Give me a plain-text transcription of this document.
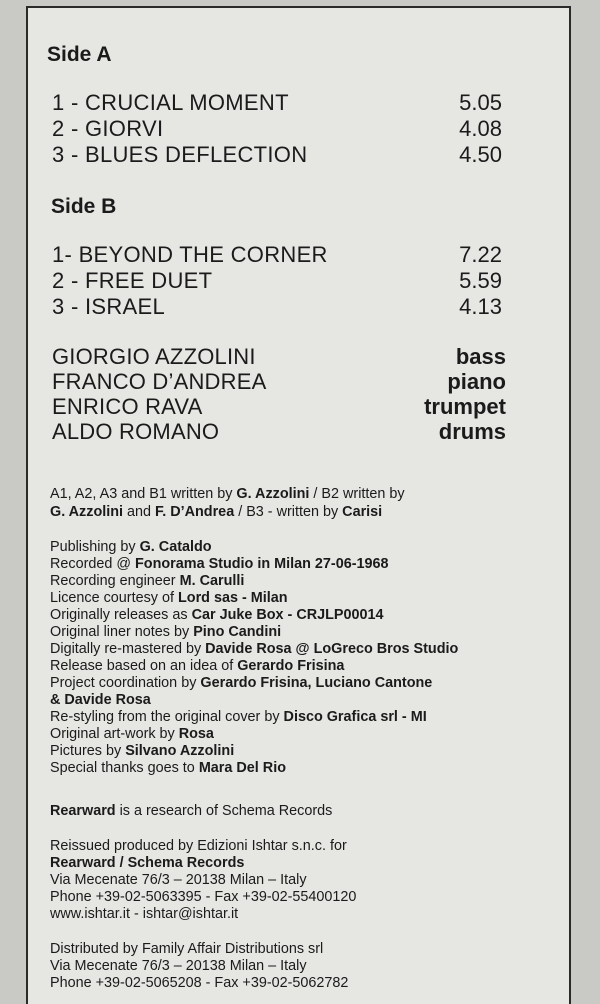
Side A
1 - CRUCIAL MOMENT	5.05
2 - GIORVI	4.08
3 - BLUES DEFLECTION	4.50
Side B
1- BEYOND THE CORNER	7.22
2 - FREE DUET	5.59
3 - ISRAEL	4.13
GIORGIO AZZOLINI	bass
FRANCO D’ANDREA	piano
ENRICO RAVA	trumpet
ALDO ROMANO	drums
A1, A2, A3 and B1 written by G. Azzolini / B2 written by
G. Azzolini and F. D’Andrea / B3 - written by Carisi
Publishing by G. Cataldo
Recorded @ Fonorama Studio in Milan 27-06-1968
Recording engineer M. Carulli
Licence courtesy of Lord sas - Milan
Originally releases as Car Juke Box - CRJLP00014
Original liner notes by Pino Candini
Digitally re-mastered by Davide Rosa @ LoGreco Bros Studio
Release based on an idea of Gerardo Frisina
Project coordination by Gerardo Frisina, Luciano Cantone
& Davide Rosa
Re-styling from the original cover by Disco Grafica srl - MI
Original art-work by Rosa
Pictures by Silvano Azzolini
Special thanks goes to Mara Del Rio
Rearward is a research of Schema Records
Reissued produced by Edizioni Ishtar s.n.c. for
Rearward / Schema Records
Via Mecenate 76/3 – 20138 Milan – Italy
Phone +39-02-5063395 - Fax +39-02-55400120
www.ishtar.it - ishtar@ishtar.it
Distributed by Family Affair Distributions srl
Via Mecenate 76/3 – 20138 Milan – Italy
Phone +39-02-5065208 - Fax +39-02-5062782
